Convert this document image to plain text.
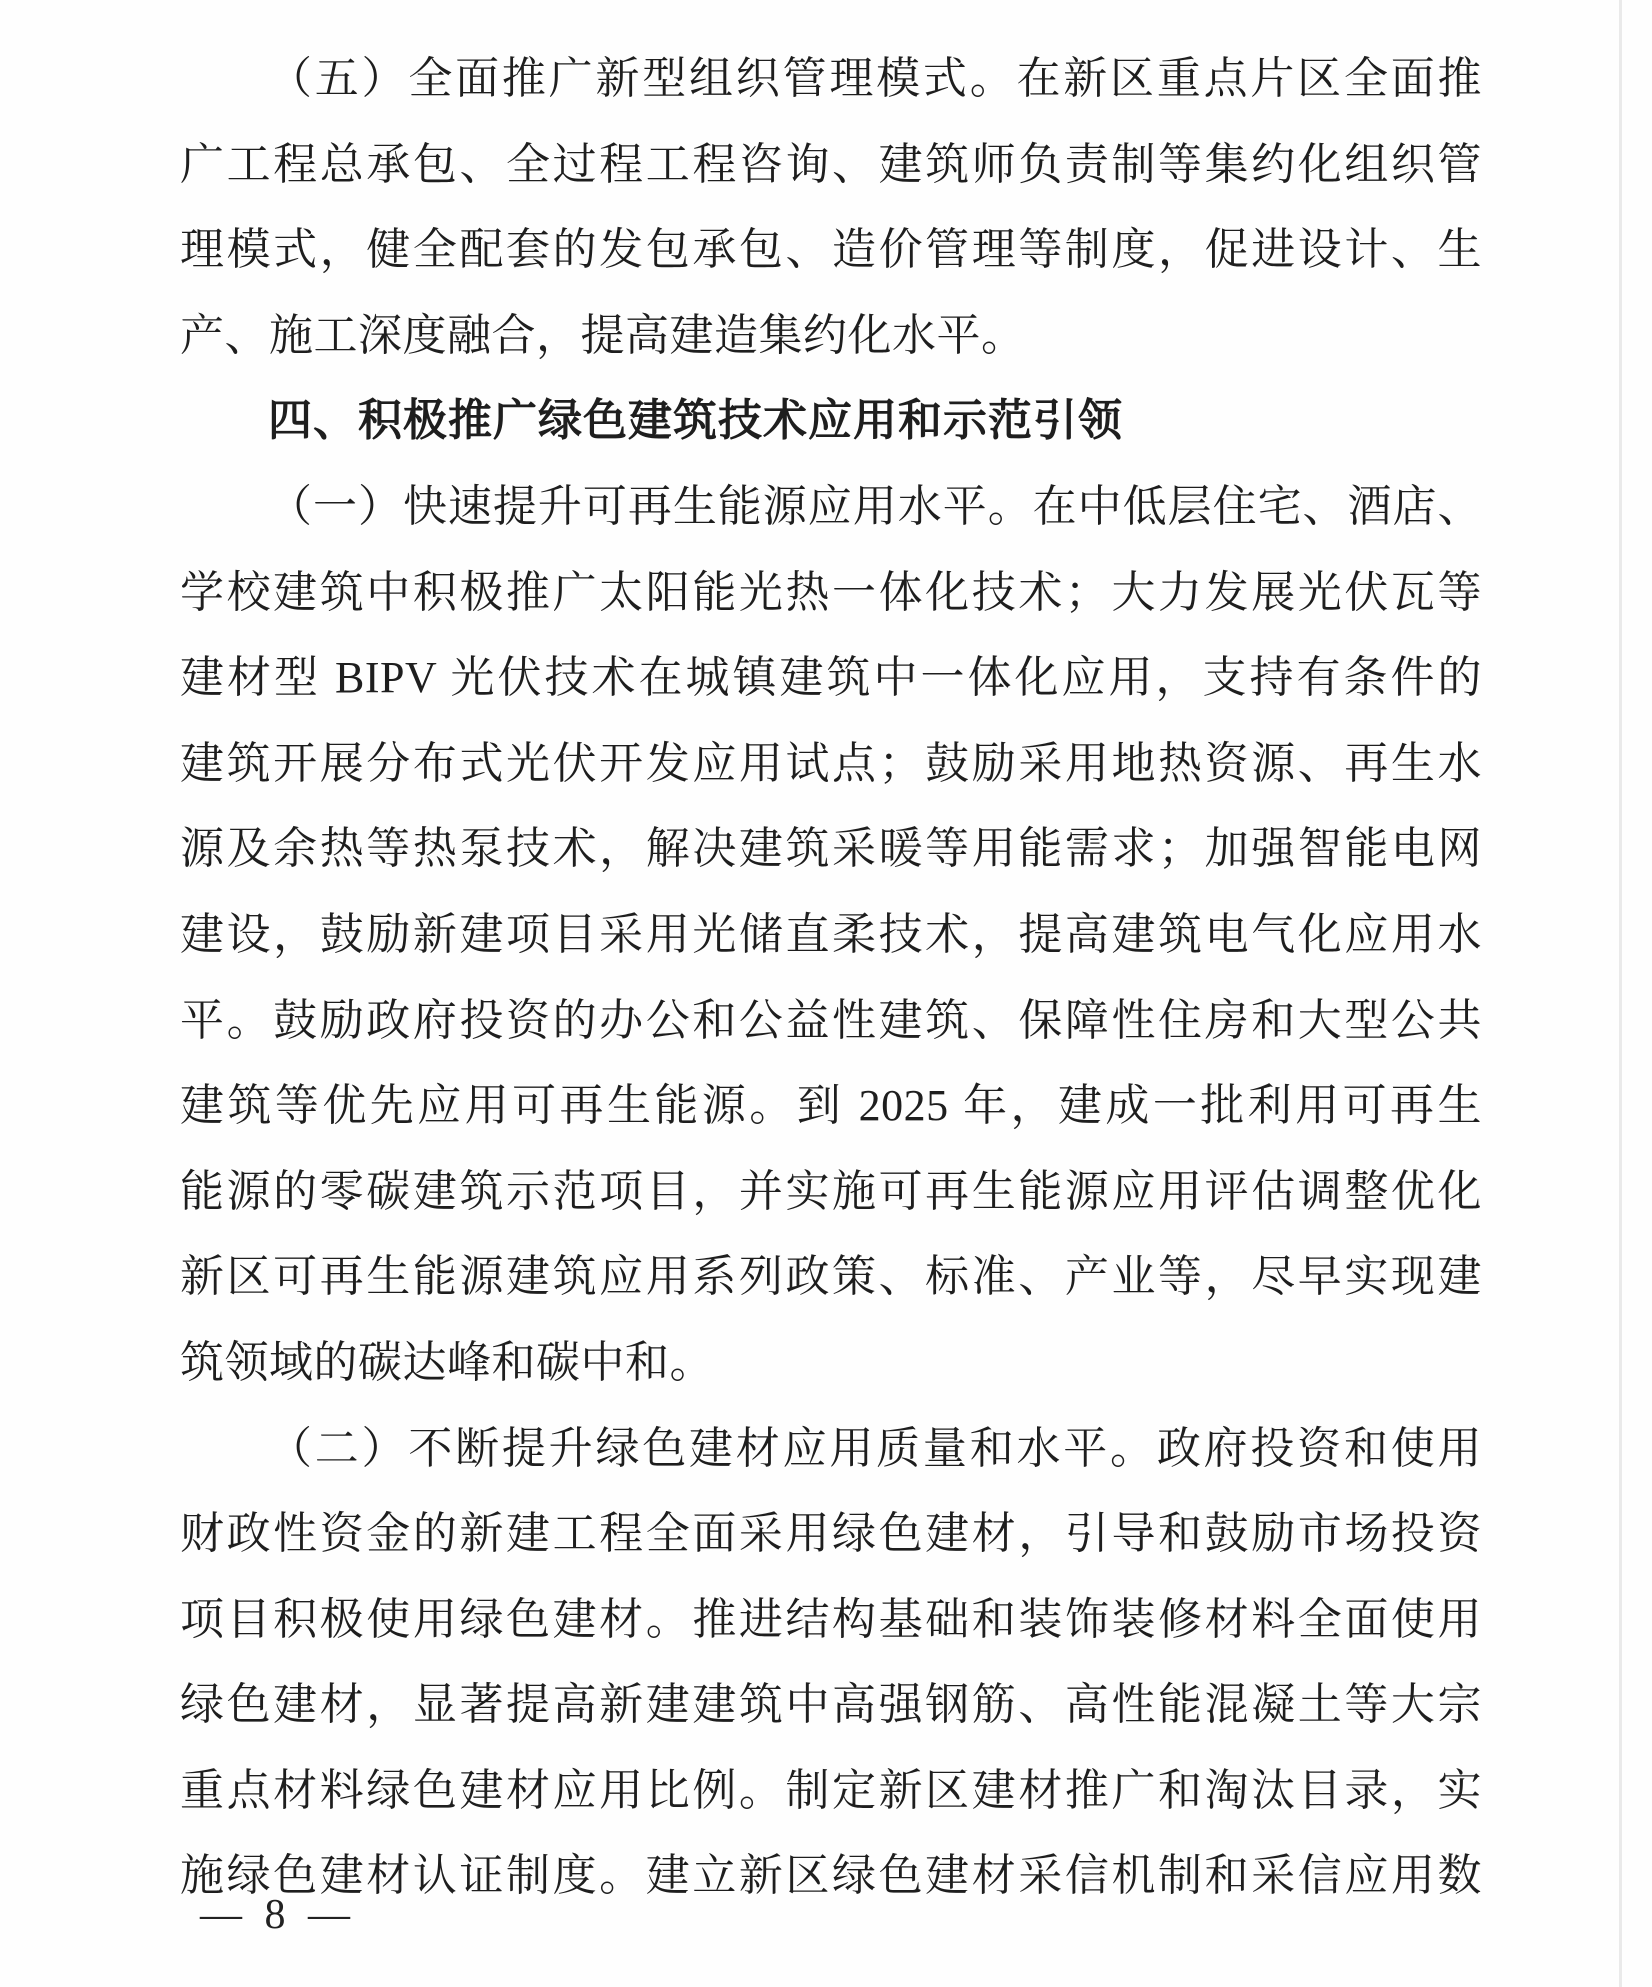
（五）全面推广新型组织管理模式。在新区重点片区全面推
广工程总承包、全过程工程咨询、建筑师负责制等集约化组织管
理模式，健全配套的发包承包、造价管理等制度，促进设计、生
产、施工深度融合，提高建造集约化水平。
四、积极推广绿色建筑技术应用和示范引领
（一）快速提升可再生能源应用水平。在中低层住宅、酒店、
学校建筑中积极推广太阳能光热一体化技术；大力发展光伏瓦等
建材型 BIPV 光伏技术在城镇建筑中一体化应用，支持有条件的
建筑开展分布式光伏开发应用试点；鼓励采用地热资源、再生水
源及余热等热泵技术，解决建筑采暖等用能需求；加强智能电网
建设，鼓励新建项目采用光储直柔技术，提高建筑电气化应用水
平。鼓励政府投资的办公和公益性建筑、保障性住房和大型公共
建筑等优先应用可再生能源。到 2025 年，建成一批利用可再生
能源的零碳建筑示范项目，并实施可再生能源应用评估调整优化
新区可再生能源建筑应用系列政策、标准、产业等，尽早实现建
筑领域的碳达峰和碳中和。
（二）不断提升绿色建材应用质量和水平。政府投资和使用
财政性资金的新建工程全面采用绿色建材，引导和鼓励市场投资
项目积极使用绿色建材。推进结构基础和装饰装修材料全面使用
绿色建材，显著提高新建建筑中高强钢筋、高性能混凝土等大宗
重点材料绿色建材应用比例。制定新区建材推广和淘汰目录，实
施绿色建材认证制度。建立新区绿色建材采信机制和采信应用数
— 8 —
